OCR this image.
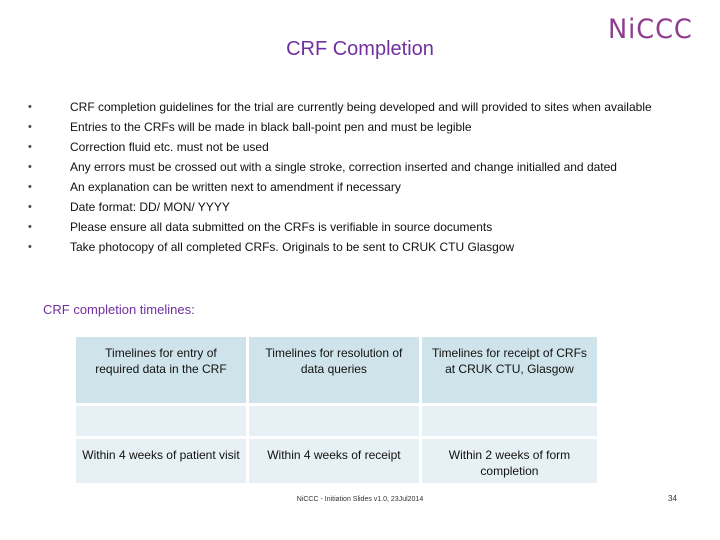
CRF Completion
NiCCC
•	CRF completion guidelines for the trial are currently being developed and will provided to sites when available
•	Entries to the CRFs will be made in black ball-point pen and must be legible
•	Correction fluid etc. must not be used
•	Any errors must be crossed out with a single stroke, correction inserted and change initialled and dated
•	An explanation can be written next to amendment if necessary
•	Date format: DD/ MON/ YYYY
•	Please ensure all data submitted on the CRFs is verifiable in source documents
•	Take photocopy of all completed CRFs. Originals to be sent to CRUK CTU Glasgow
CRF completion timelines:
Timelines for entry of required data in the CRF	Timelines for resolution of data queries	Timelines for receipt of CRFs at CRUK CTU, Glasgow

Within 4 weeks of patient visit	Within 4 weeks of receipt	Within 2 weeks of form completion
NiCCC - Initiation Slides v1.0, 23Jul2014	34
